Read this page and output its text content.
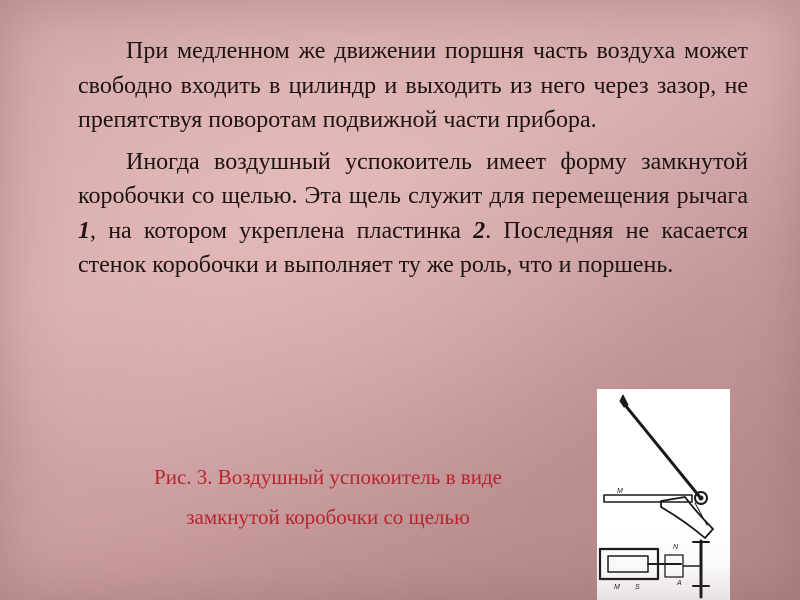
При медленном же движении поршня часть воздуха может свободно входить в цилиндр и выходить из него через зазор, не препятствуя поворотам подвижной части прибора.

Иногда воздушный успокоитель имеет форму замкнутой коробочки со щелью. Эта щель служит для перемещения рычага 1, на котором укреплена пластинка 2. Последняя не касается стенок коробочки и выполняет ту же роль, что и поршень.

Рис. 3. Воздушный успокоитель в виде

замкнутой коробочки со щелью

M
N
M S
A
